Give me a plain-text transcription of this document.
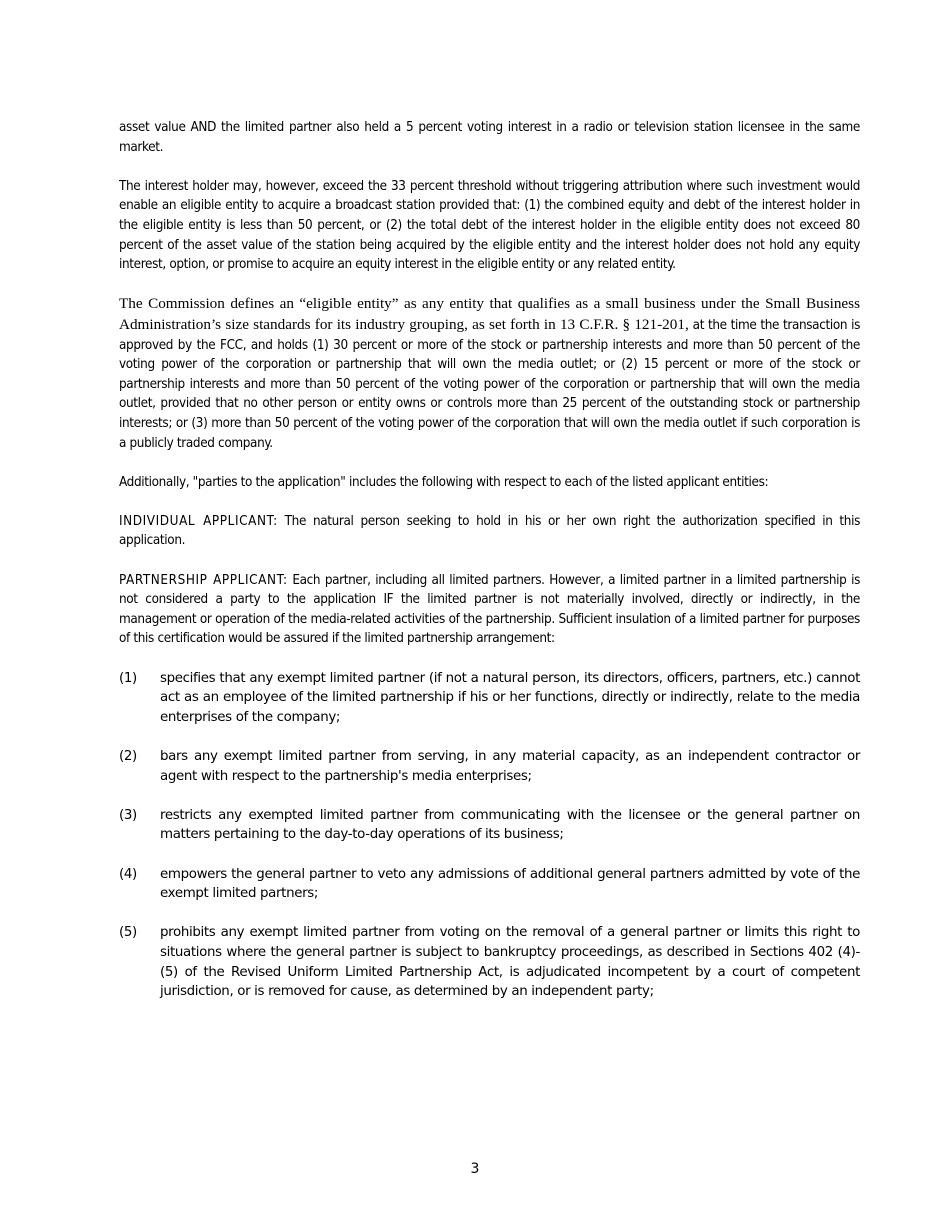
asset value AND the limited partner also held a 5 percent voting interest in a radio or television station licensee in the same market.

The interest holder may, however, exceed the 33 percent threshold without triggering attribution where such investment would enable an eligible entity to acquire a broadcast station provided that: (1) the combined equity and debt of the interest holder in the eligible entity is less than 50 percent, or (2) the total debt of the interest holder in the eligible entity does not exceed 80 percent of the asset value of the station being acquired by the eligible entity and the interest holder does not hold any equity interest, option, or promise to acquire an equity interest in the eligible entity or any related entity.

The Commission defines an “eligible entity” as any entity that qualifies as a small business under the Small Business Administration’s size standards for its industry grouping, as set forth in 13 C.F.R. § 121-201, at the time the transaction is approved by the FCC, and holds (1) 30 percent or more of the stock or partnership interests and more than 50 percent of the voting power of the corporation or partnership that will own the media outlet; or (2) 15 percent or more of the stock or partnership interests and more than 50 percent of the voting power of the corporation or partnership that will own the media outlet, provided that no other person or entity owns or controls more than 25 percent of the outstanding stock or partnership interests; or (3) more than 50 percent of the voting power of the corporation that will own the media outlet if such corporation is a publicly traded company.

Additionally, "parties to the application" includes the following with respect to each of the listed applicant entities:

INDIVIDUAL APPLICANT: The natural person seeking to hold in his or her own right the authorization specified in this application.

PARTNERSHIP APPLICANT: Each partner, including all limited partners. However, a limited partner in a limited partnership is not considered a party to the application IF the limited partner is not materially involved, directly or indirectly, in the management or operation of the media-related activities of the partnership. Sufficient insulation of a limited partner for purposes of this certification would be assured if the limited partnership arrangement:

(1)	specifies that any exempt limited partner (if not a natural person, its directors, officers, partners, etc.) cannot act as an employee of the limited partnership if his or her functions, directly or indirectly, relate to the media enterprises of the company;
(2)	bars any exempt limited partner from serving, in any material capacity, as an independent contractor or agent with respect to the partnership's media enterprises;
(3)	restricts any exempted limited partner from communicating with the licensee or the general partner on matters pertaining to the day-to-day operations of its business;
(4)	empowers the general partner to veto any admissions of additional general partners admitted by vote of the exempt limited partners;
(5)	prohibits any exempt limited partner from voting on the removal of a general partner or limits this right to situations where the general partner is subject to bankruptcy proceedings, as described in Sections 402 (4)-(5) of the Revised Uniform Limited Partnership Act, is adjudicated incompetent by a court of competent jurisdiction, or is removed for cause, as determined by an independent party;
3
